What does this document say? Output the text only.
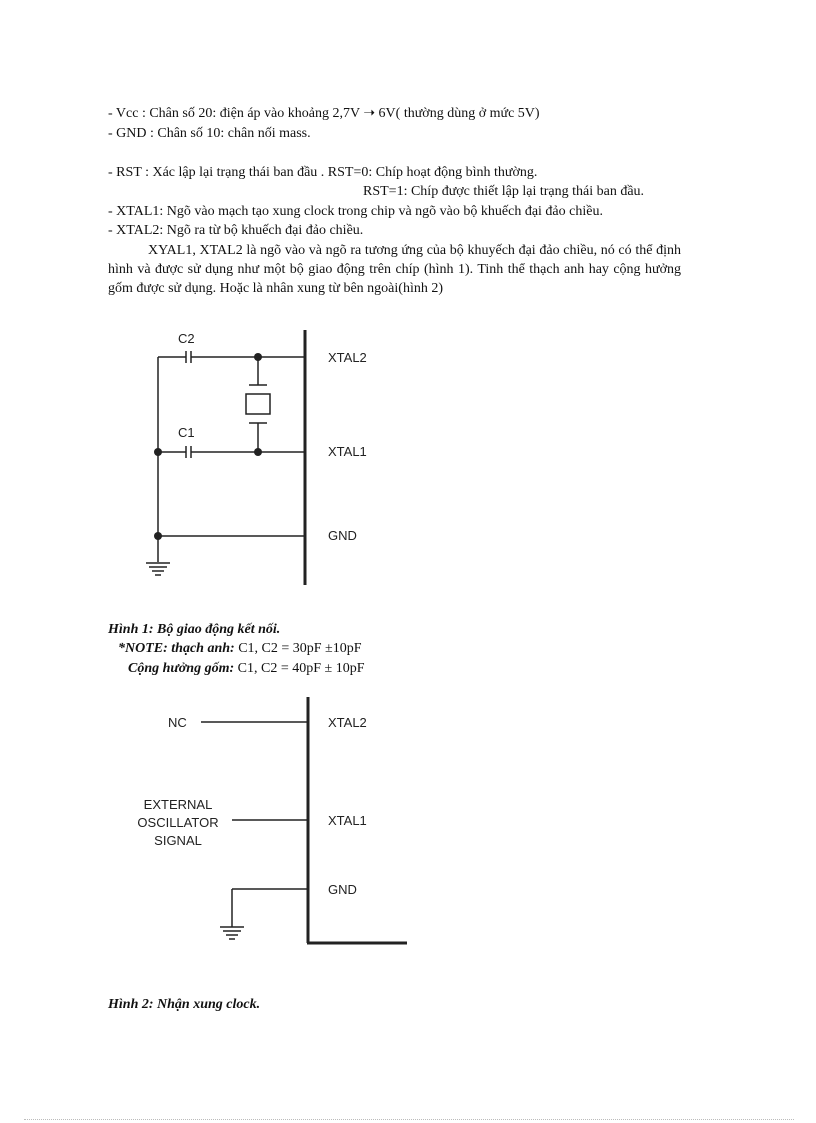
- Vcc : Chân số 20: điện áp vào khoảng 2,7V ➝ 6V( thường dùng ở mức 5V)
- GND : Chân số 10: chân nối mass.
- RST : Xác lập lại trạng thái ban đầu . RST=0: Chíp hoạt động bình thường.
RST=1: Chíp được thiết lập lại trạng thái ban đầu.
- XTAL1: Ngõ vào mạch tạo xung clock trong chip và ngõ vào bộ khuếch đại đảo chiều.
- XTAL2: Ngõ ra từ bộ khuếch đại đảo chiều.
XYAL1, XTAL2 là ngõ vào và ngõ ra tương ứng của bộ khuyếch đại đảo chiều, nó có thể định hình và được sử dụng như một bộ giao động trên chíp (hình 1). Tinh thể thạch anh hay cộng hưởng gốm được sử dụng. Hoặc là nhân xung từ bên ngoài(hình 2)
C2
C1
XTAL2
XTAL1
GND
NC
EXTERNAL
OSCILLATOR
SIGNAL
XTAL2
XTAL1
GND
Hình 1: Bộ giao động kết nối.
*NOTE: thạch anh: C1, C2 = 30pF ±10pF
Cộng hưởng gốm: C1, C2 = 40pF ± 10pF
Hình 2: Nhận xung clock.
